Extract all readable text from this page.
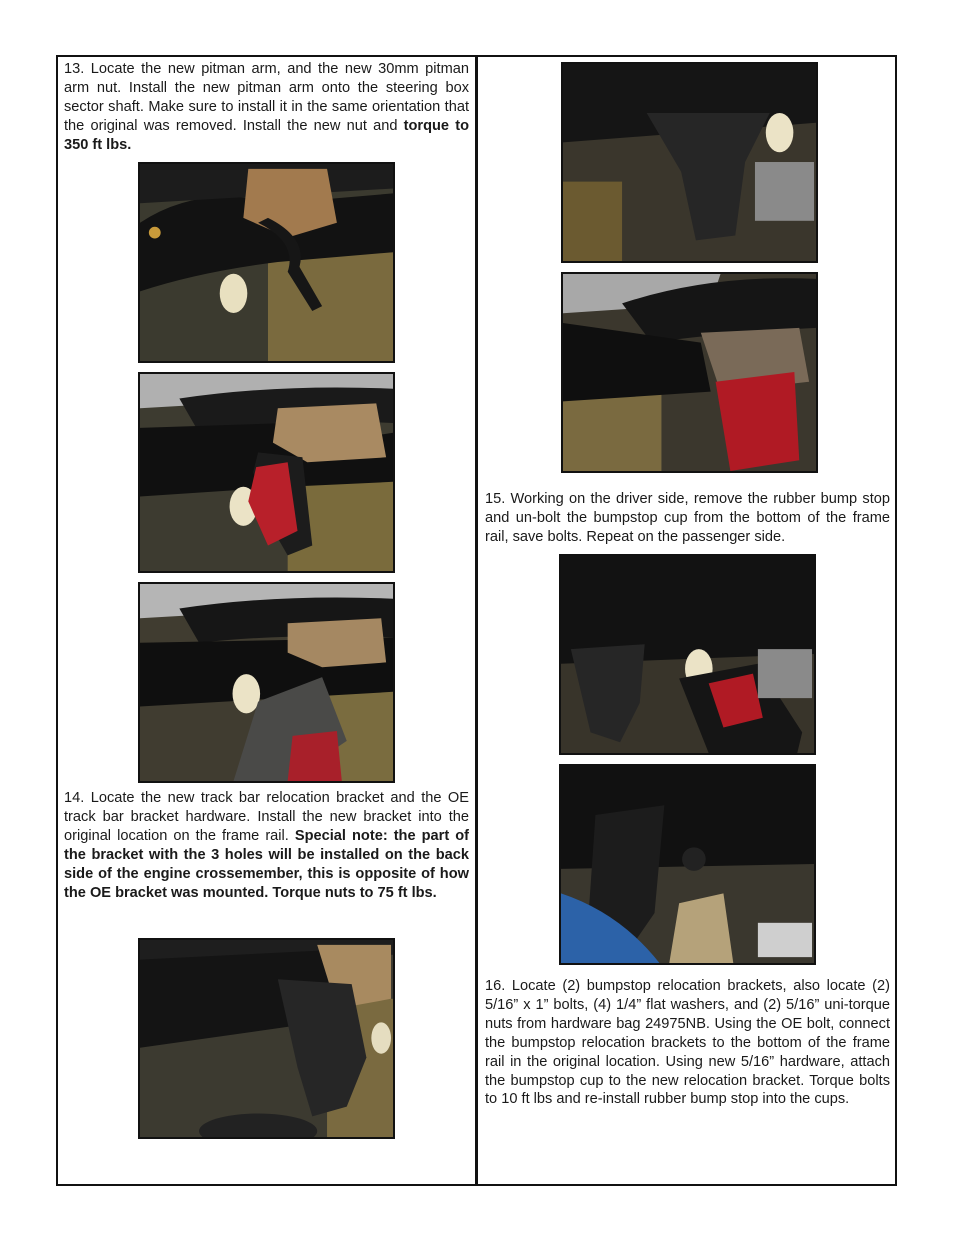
13. Locate the new pitman arm, and the new 30mm pitman arm nut. Install the new pitman arm onto the steering box sector shaft. Make sure to install it in the same orientation that the original was removed. Install the new nut and torque to 350 ft lbs.
14. Locate the new track bar relocation bracket and the OE track bar bracket hardware. Install the new bracket into the original location on the frame rail. Special note: the part of the bracket with the 3 holes will be installed on the back side of the engine crossemember, this is opposite of how the OE bracket was mounted. Torque nuts to 75 ft lbs.
15. Working on the driver side, remove the rubber bump stop and un-bolt the bumpstop cup from the bottom of the frame rail, save bolts. Repeat on the passenger side.
16. Locate (2) bumpstop relocation brackets, also locate (2) 5/16” x 1” bolts, (4) 1/4” flat washers, and (2) 5/16” uni-torque nuts from hardware bag 24975NB. Using the OE bolt, connect the bumpstop relocation brackets to the bottom of the frame rail in the original location. Using new 5/16” hardware, attach the bumpstop cup to the new relocation bracket. Torque bolts to 10 ft lbs and re-install rubber bump stop into the cups.
